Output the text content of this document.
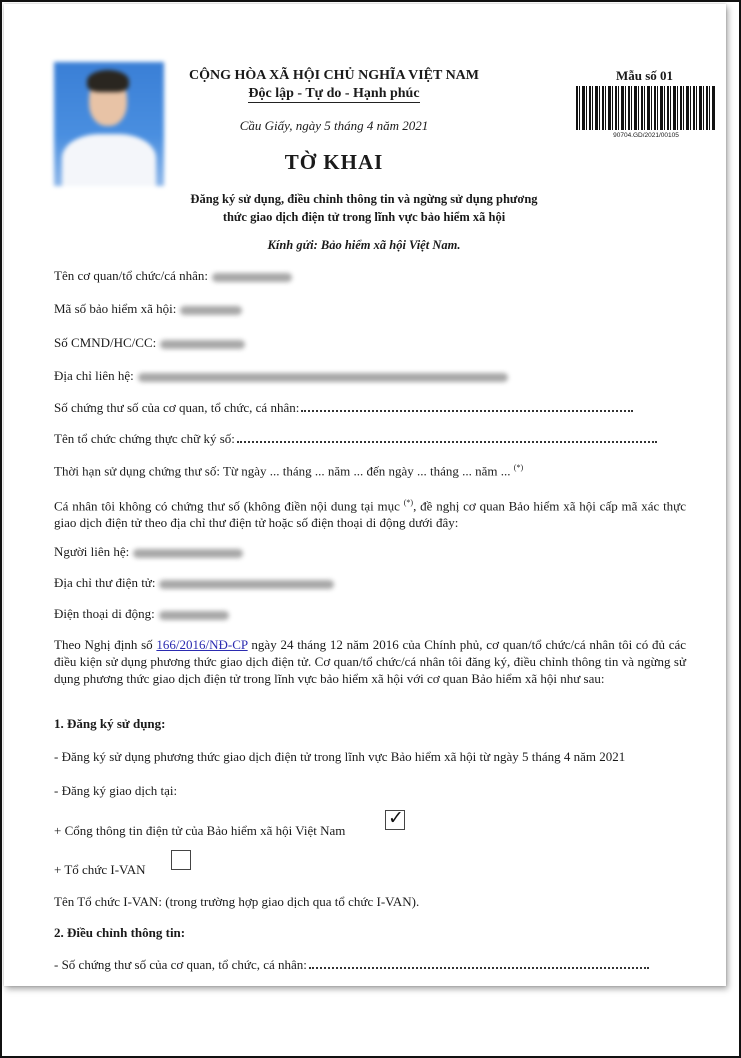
CỘNG HÒA XÃ HỘI CHỦ NGHĨA VIỆT NAM
Độc lập - Tự do - Hạnh phúc
Cầu Giấy, ngày 5 tháng 4 năm 2021
TỜ KHAI
Đăng ký sử dụng, điều chỉnh thông tin và ngừng sử dụng phương
thức giao dịch điện tử trong lĩnh vực bảo hiểm xã hội
Kính gửi: Bảo hiểm xã hội Việt Nam.
Mẫu số 01
90704.GD/2021/00105
Tên cơ quan/tổ chức/cá nhân:
Mã số bảo hiểm xã hội:
Số CMND/HC/CC:
Địa chỉ liên hệ:
Số chứng thư số của cơ quan, tổ chức, cá nhân:
Tên tổ chức chứng thực chữ ký số:
Thời hạn sử dụng chứng thư số: Từ ngày ... tháng ... năm ... đến ngày ... tháng ... năm ... (*)
Cá nhân tôi không có chứng thư số (không điền nội dung tại mục (*), đề nghị cơ quan Bảo hiểm xã hội cấp mã xác thực giao dịch điện tử theo địa chỉ thư điện tử hoặc số điện thoại di động dưới đây:
Người liên hệ:
Địa chỉ thư điện tử:
Điện thoại di động:
Theo Nghị định số 166/2016/NĐ-CP ngày 24 tháng 12 năm 2016 của Chính phủ, cơ quan/tổ chức/cá nhân tôi có đủ các điều kiện sử dụng phương thức giao dịch điện tử. Cơ quan/tổ chức/cá nhân tôi đăng ký, điều chỉnh thông tin và ngừng sử dụng phương thức giao dịch điện tử trong lĩnh vực bảo hiểm xã hội với cơ quan Bảo hiểm xã hội như sau:
1. Đăng ký sử dụng:
- Đăng ký sử dụng phương thức giao dịch điện tử trong lĩnh vực Bảo hiểm xã hội từ ngày 5 tháng 4 năm 2021
- Đăng ký giao dịch tại:
+ Cổng thông tin điện tử của Bảo hiểm xã hội Việt Nam
✓
+ Tổ chức I-VAN
Tên Tổ chức I-VAN: (trong trường hợp giao dịch qua tổ chức I-VAN).
2. Điều chỉnh thông tin:
- Số chứng thư số của cơ quan, tổ chức, cá nhân:
